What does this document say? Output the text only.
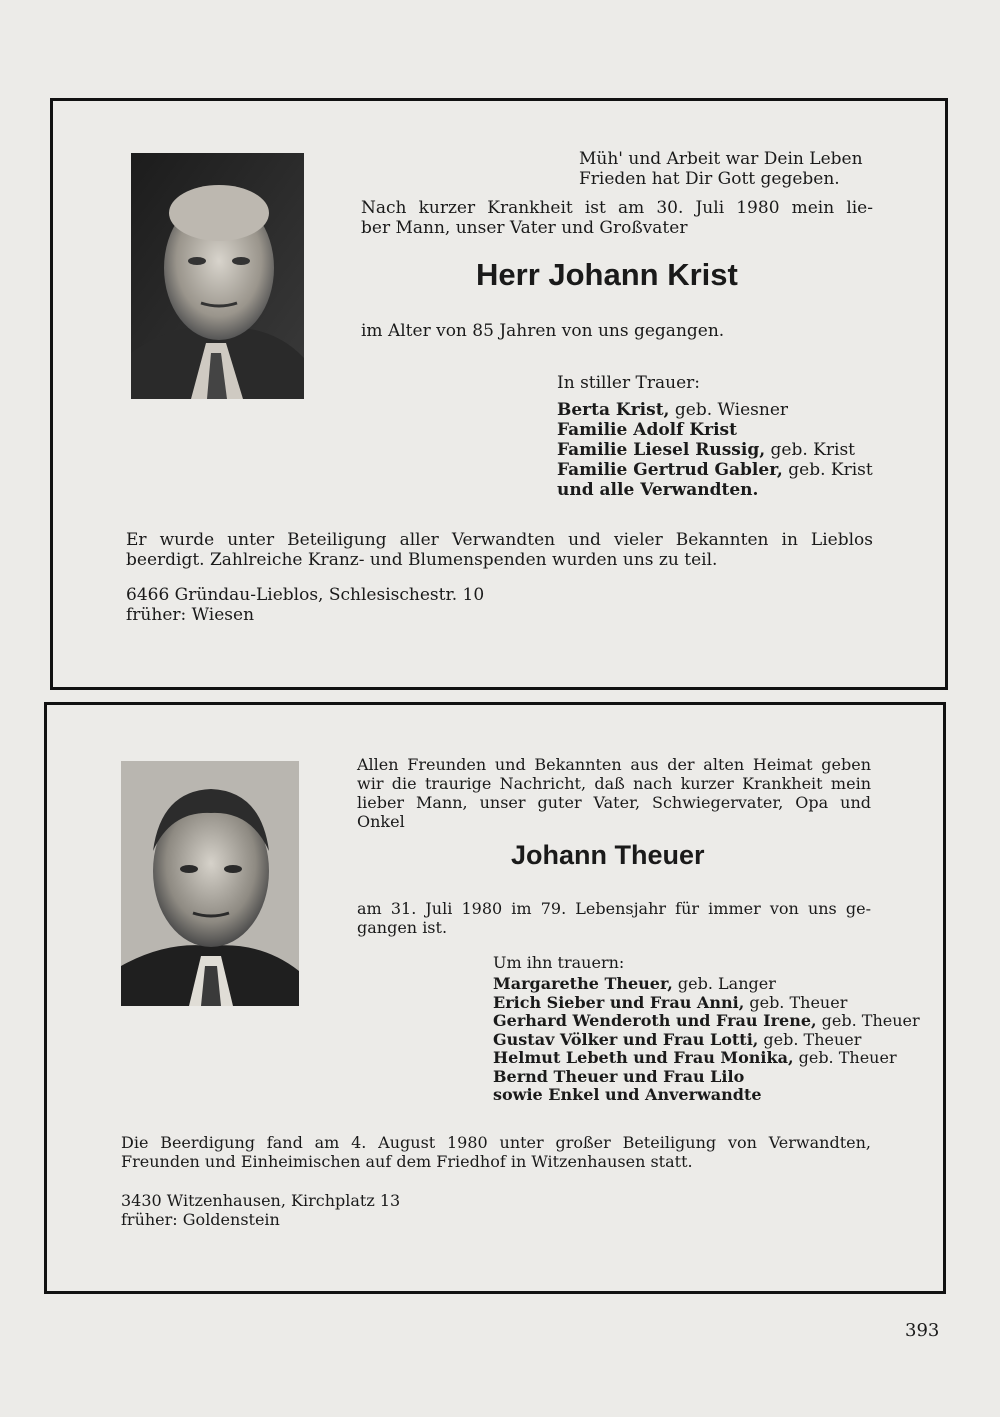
Müh' und Arbeit war Dein Leben
Frieden hat Dir Gott gegeben.
Nach kurzer Krankheit ist am 30. Juli 1980 mein lie-
ber Mann, unser Vater und Großvater
Herr Johann Krist
im Alter von 85 Jahren von uns gegangen.
In stiller Trauer:
Berta Krist, geb. Wiesner
Familie Adolf Krist
Familie Liesel Russig, geb. Krist
Familie Gertrud Gabler, geb. Krist
und alle Verwandten.
Er wurde unter Beteiligung aller Verwandten und vieler Bekannten in Lieblos
beerdigt. Zahlreiche Kranz- und Blumenspenden wurden uns zu teil.
6466 Gründau-Lieblos, Schlesischestr. 10
früher: Wiesen
Allen Freunden und Bekannten aus der alten Heimat geben
wir die traurige Nachricht, daß nach kurzer Krankheit mein
lieber Mann, unser guter Vater, Schwiegervater, Opa und
Onkel
Johann Theuer
am 31. Juli 1980 im 79. Lebensjahr für immer von uns ge-
gangen ist.
Um ihn trauern:
Margarethe Theuer, geb. Langer
Erich Sieber und Frau Anni, geb. Theuer
Gerhard Wenderoth und Frau Irene, geb. Theuer
Gustav Völker und Frau Lotti, geb. Theuer
Helmut Lebeth und Frau Monika, geb. Theuer
Bernd Theuer und Frau Lilo
sowie Enkel und Anverwandte
Die Beerdigung fand am 4. August 1980 unter großer Beteiligung von Verwandten,
Freunden und Einheimischen auf dem Friedhof in Witzenhausen statt.
3430 Witzenhausen, Kirchplatz 13
früher: Goldenstein
393
